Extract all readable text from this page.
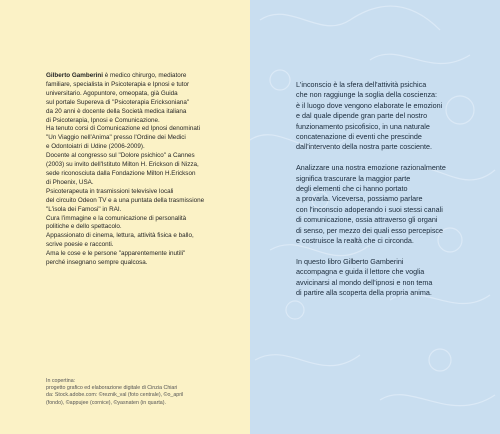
Gilberto Gamberini è medico chirurgo, mediatore
familiare, specialista in Psicoterapia e Ipnosi e tutor
universitario. Agopuntore, omeopata, già Guida
sul portale Supereva di "Psicoterapia Ericksoniana"
da 20 anni è docente della Società medica italiana
di Psicoterapia, Ipnosi e Comunicazione.
Ha tenuto corsi di Comunicazione ed Ipnosi denominati
"Un Viaggio nell'Anima" presso l'Ordine dei Medici
e Odontoiatri di Udine (2006-2009).
Docente al congresso sul "Dolore psichico" a Cannes
(2003) su invito dell'Istituto Milton H. Erickson di Nizza,
sede riconosciuta dalla Fondazione Milton H.Erickson
di Phoenix, USA.
Psicoterapeuta in trasmissioni televisive locali
del circuito Odeon TV e a una puntata della trasmissione
"L'isola dei Famosi" in RAI.
Cura l'immagine e la comunicazione di personalità
politiche e dello spettacolo.
Appassionato di cinema, lettura, attività fisica e ballo,
scrive poesie e racconti.
Ama le cose e le persone "apparentemente inutili"
perché insegnano sempre qualcosa.

In copertina:
progetto grafico ed elaborazione digitale di Cinzia Chiari
da: Stock.adobe.com: ©reznik_val (foto centrale), ©o_april
(fondo), ©appujee (cornice), ©yasnaten (in quarta).

L'inconscio è la sfera dell'attività psichica
che non raggiunge la soglia della coscienza:
è il luogo dove vengono elaborate le emozioni
e dal quale dipende gran parte del nostro
funzionamento psicofisico, in una naturale
concatenazione di eventi che prescinde
dall'intervento della nostra parte cosciente.

Analizzare una nostra emozione razionalmente
significa trascurare la maggior parte
degli elementi che ci hanno portato
a provarla. Viceversa, possiamo parlare
con l'inconscio adoperando i suoi stessi canali
di comunicazione, ossia attraverso gli organi
di senso, per mezzo dei quali esso percepisce
e costruisce la realtà che ci circonda.

In questo libro Gilberto Gamberini
accompagna e guida il lettore che voglia
avvicinarsi al mondo dell'ipnosi e non tema
di partire alla scoperta della propria anima.
